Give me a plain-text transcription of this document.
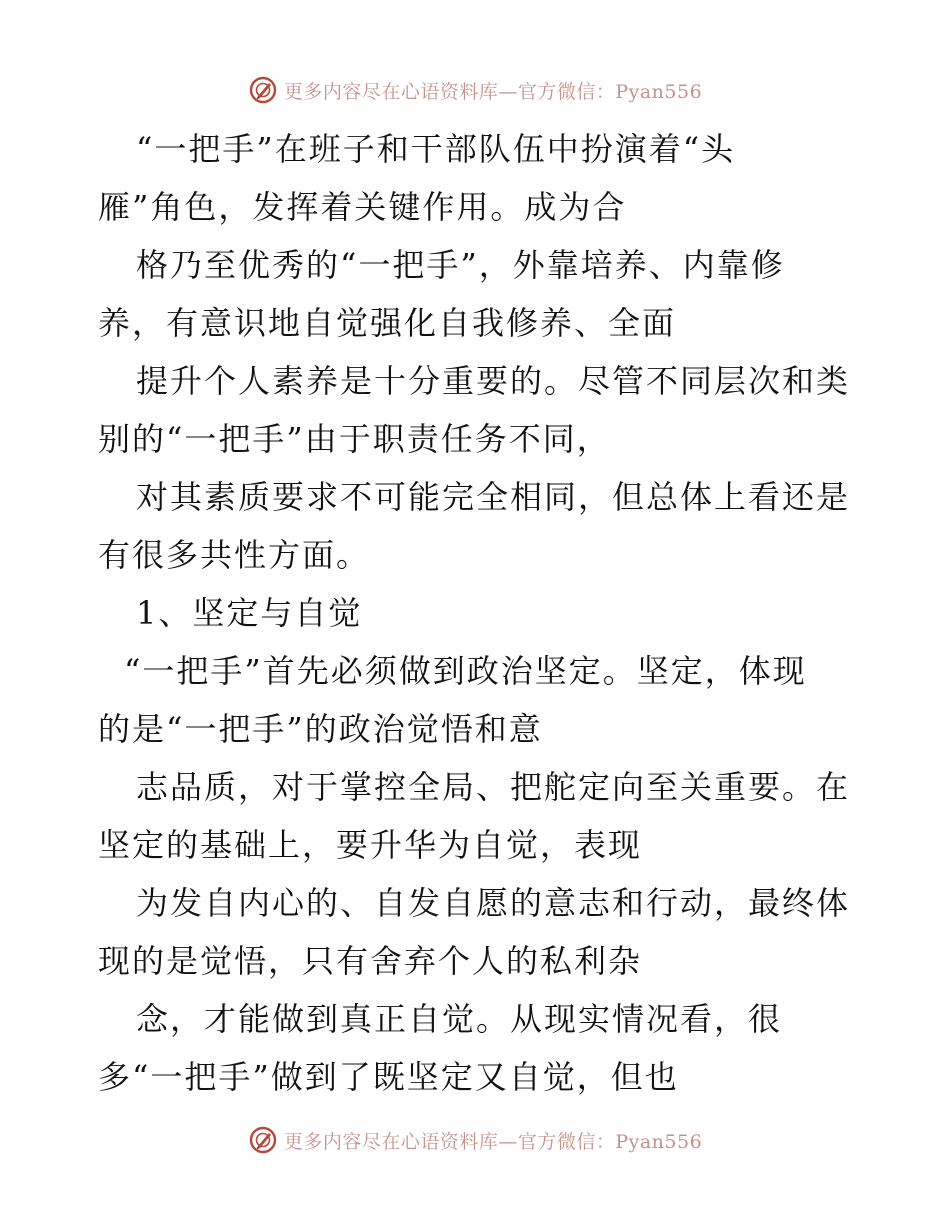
更多内容尽在心语资料库—官方微信：Pyan556
“一把手”在班子和干部队伍中扮演着“头
雁”角色，发挥着关键作用。成为合
格乃至优秀的“一把手”，外靠培养、内靠修
养，有意识地自觉强化自我修养、全面
提升个人素养是十分重要的。尽管不同层次和类
别的“一把手”由于职责任务不同，
对其素质要求不可能完全相同，但总体上看还是
有很多共性方面。
1、坚定与自觉
“一把手”首先必须做到政治坚定。坚定，体现
的是“一把手”的政治觉悟和意
志品质，对于掌控全局、把舵定向至关重要。在
坚定的基础上，要升华为自觉，表现
为发自内心的、自发自愿的意志和行动，最终体
现的是觉悟，只有舍弃个人的私利杂
念，才能做到真正自觉。从现实情况看，很
多“一把手”做到了既坚定又自觉，但也
更多内容尽在心语资料库—官方微信：Pyan556
